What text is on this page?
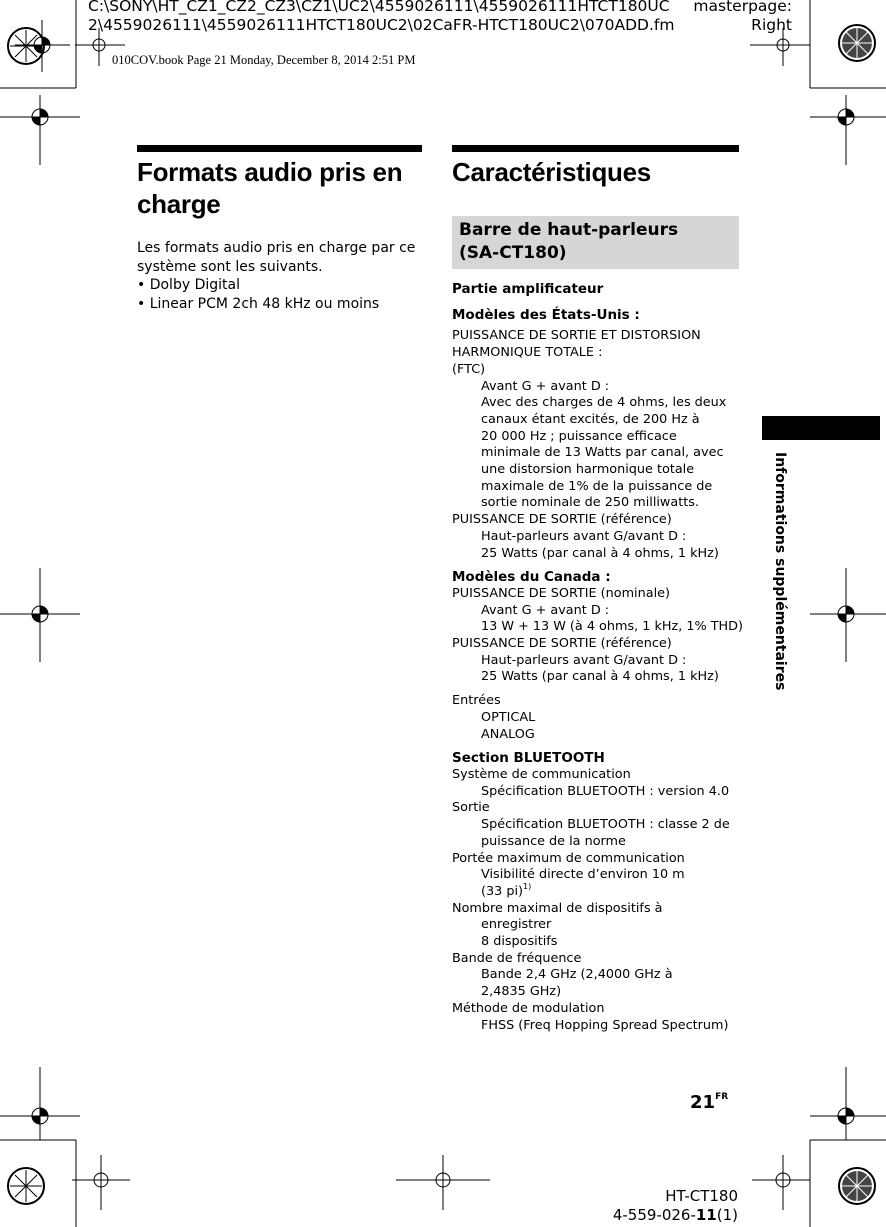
C:\SONY\HT_CZ1_CZ2_CZ3\CZ1\UC2\4559026111\4559026111HTCT180UC
2\4559026111\4559026111HTCT180UC2\02CaFR-HTCT180UC2\070ADD.fm
masterpage:
Right
010COV.book Page 21 Monday, December 8, 2014 2:51 PM
Formats audio pris en charge
Les formats audio pris en charge par ce système sont les suivants.
• Dolby Digital
• Linear PCM 2ch 48 kHz ou moins
Caractéristiques
Barre de haut-parleurs (SA-CT180)
Partie amplificateur
Modèles des États-Unis :
PUISSANCE DE SORTIE ET DISTORSION
HARMONIQUE TOTALE :
(FTC)
Avant G + avant D :
Avec des charges de 4 ohms, les deux
canaux étant excités, de 200 Hz à
20 000 Hz ; puissance efficace
minimale de 13 Watts par canal, avec
une distorsion harmonique totale
maximale de 1% de la puissance de
sortie nominale de 250 milliwatts.
PUISSANCE DE SORTIE (référence)
Haut-parleurs avant G/avant D :
25 Watts (par canal à 4 ohms, 1 kHz)
Modèles du Canada :
PUISSANCE DE SORTIE (nominale)
Avant G + avant D :
13 W + 13 W (à 4 ohms, 1 kHz, 1% THD)
PUISSANCE DE SORTIE (référence)
Haut-parleurs avant G/avant D :
25 Watts (par canal à 4 ohms, 1 kHz)
Entrées
OPTICAL
ANALOG
Section BLUETOOTH
Système de communication
Spécification BLUETOOTH : version 4.0
Sortie
Spécification BLUETOOTH : classe 2 de
puissance de la norme
Portée maximum de communication
Visibilité directe d’environ 10 m
(33 pi)$^{1)}$
Nombre maximal de dispositifs à
enregistrer
8 dispositifs
Bande de fréquence
Bande 2,4 GHz (2,4000 GHz à
2,4835 GHz)
Méthode de modulation
FHSS (Freq Hopping Spread Spectrum)
Informations supplémentaires
$21^{FR}$
HT-CT180
4-559-026-11(1)
